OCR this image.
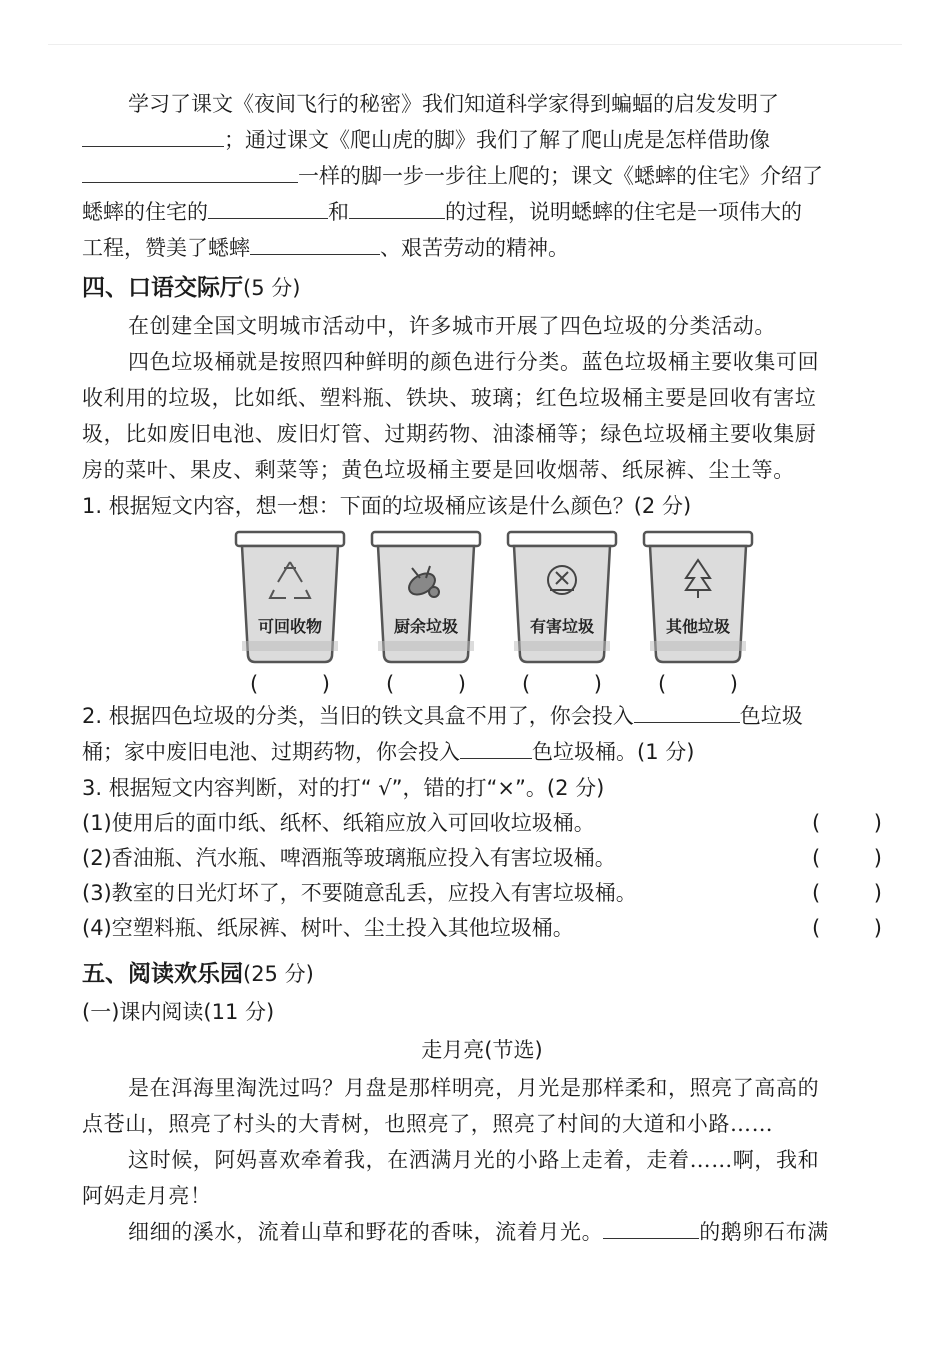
学习了课文《夜间飞行的秘密》我们知道科学家得到蝙蝠的启发发明了
；通过课文《爬山虎的脚》我们了解了爬山虎是怎样借助像
一样的脚一步一步往上爬的；课文《蟋蟀的住宅》介绍了
蟋蟀的住宅的	和	的过程，说明蟋蟀的住宅是一项伟大的
工程，赞美了蟋蟀	、艰苦劳动的精神。
四、口语交际厅(5 分)
在创建全国文明城市活动中，许多城市开展了四色垃圾的分类活动。
四色垃圾桶就是按照四种鲜明的颜色进行分类。蓝色垃圾桶主要收集可回
收利用的垃圾，比如纸、塑料瓶、铁块、玻璃；红色垃圾桶主要是回收有害垃
圾，比如废旧电池、废旧灯管、过期药物、油漆桶等；绿色垃圾桶主要收集厨
房的菜叶、果皮、剩菜等；黄色垃圾桶主要是回收烟蒂、纸尿裤、尘土等。
1. 根据短文内容，想一想：下面的垃圾桶应该是什么颜色？(2 分)
可回收物
(	)
厨余垃圾
(	)
有害垃圾
(	)
其他垃圾
(	)
2. 根据四色垃圾的分类，当旧的铁文具盒不用了，你会投入	色垃圾
桶；家中废旧电池、过期药物，你会投入	色垃圾桶。(1 分)
3. 根据短文内容判断，对的打“ √”，错的打“×”。(2 分)
(1)使用后的面巾纸、纸杯、纸箱应放入可回收垃圾桶。	(	)
(2)香油瓶、汽水瓶、啤酒瓶等玻璃瓶应投入有害垃圾桶。	(	)
(3)教室的日光灯坏了，不要随意乱丢，应投入有害垃圾桶。	(	)
(4)空塑料瓶、纸尿裤、树叶、尘土投入其他垃圾桶。	(	)
五、阅读欢乐园(25 分)
(一)课内阅读(11 分)
走月亮(节选)
是在洱海里淘洗过吗？月盘是那样明亮，月光是那样柔和，照亮了高高的
点苍山，照亮了村头的大青树，也照亮了，照亮了村间的大道和小路……
这时候，阿妈喜欢牵着我，在洒满月光的小路上走着，走着……啊，我和
阿妈走月亮！
细细的溪水，流着山草和野花的香味，流着月光。	的鹅卵石布满
